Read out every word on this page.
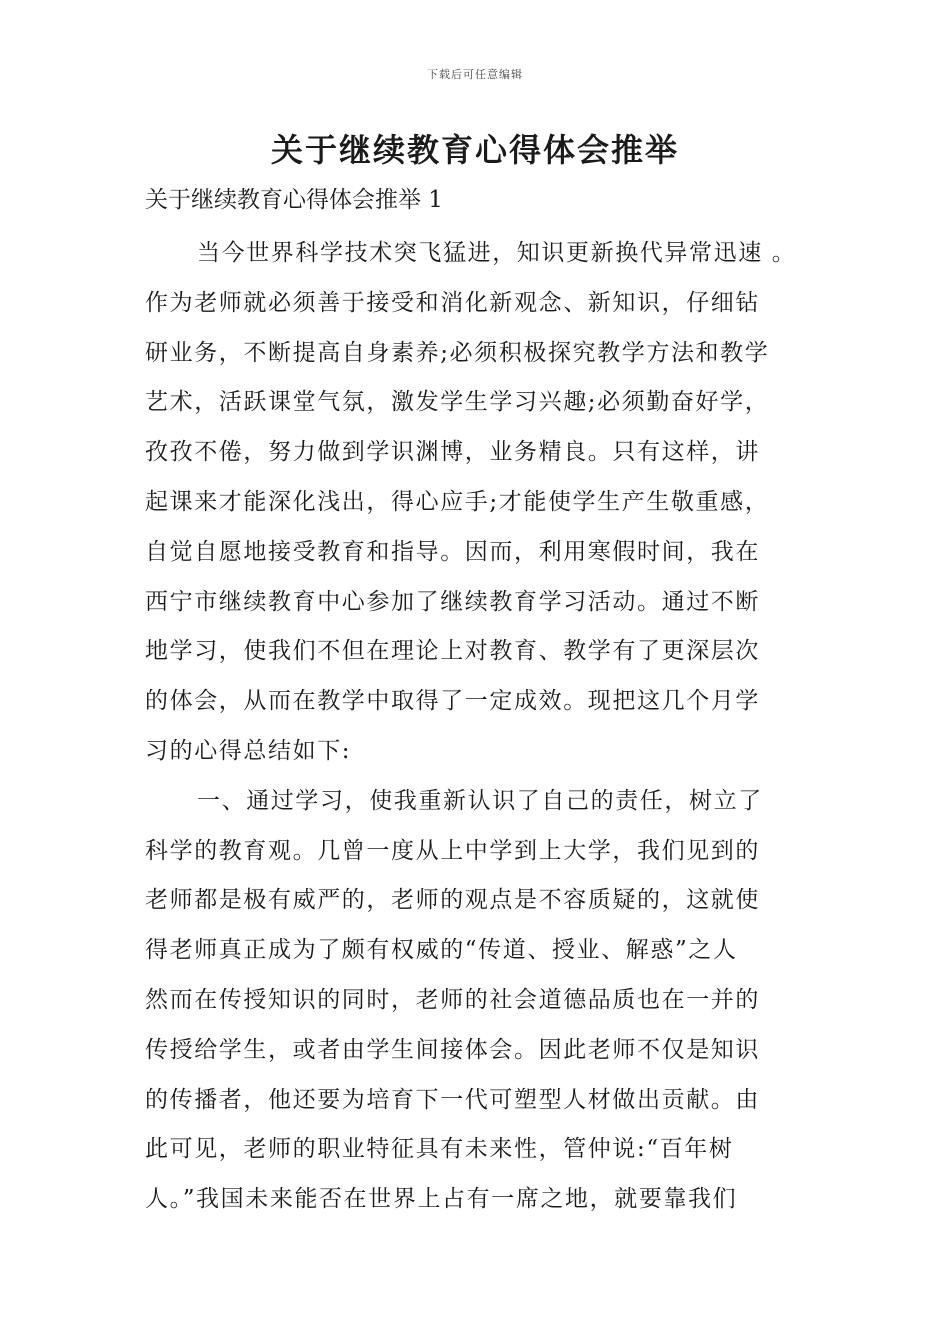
下载后可任意编辑
关于继续教育心得体会推举
关于继续教育心得体会推举 1
当今世界科学技术突飞猛进，知识更新换代异常迅速 。
作为老师就必须善于接受和消化新观念、新知识，仔细钻
研业务，不断提高自身素养;必须积极探究教学方法和教学
艺术，活跃课堂气氛，激发学生学习兴趣;必须勤奋好学，
孜孜不倦，努力做到学识渊博，业务精良。只有这样，讲
起课来才能深化浅出，得心应手;才能使学生产生敬重感，
自觉自愿地接受教育和指导。因而，利用寒假时间，我在
西宁市继续教育中心参加了继续教育学习活动。通过不断
地学习，使我们不但在理论上对教育、教学有了更深层次
的体会，从而在教学中取得了一定成效。现把这几个月学
习的心得总结如下:
一、通过学习，使我重新认识了自己的责任，树立了
科学的教育观。几曾一度从上中学到上大学，我们见到的
老师都是极有威严的，老师的观点是不容质疑的，这就使
得老师真正成为了颇有权威的“传道、授业、解惑”之人
然而在传授知识的同时，老师的社会道德品质也在一并的
传授给学生，或者由学生间接体会。因此老师不仅是知识
的传播者，他还要为培育下一代可塑型人材做出贡献。由
此可见，老师的职业特征具有未来性，管仲说:“百年树
人。”我国未来能否在世界上占有一席之地，就要靠我们
